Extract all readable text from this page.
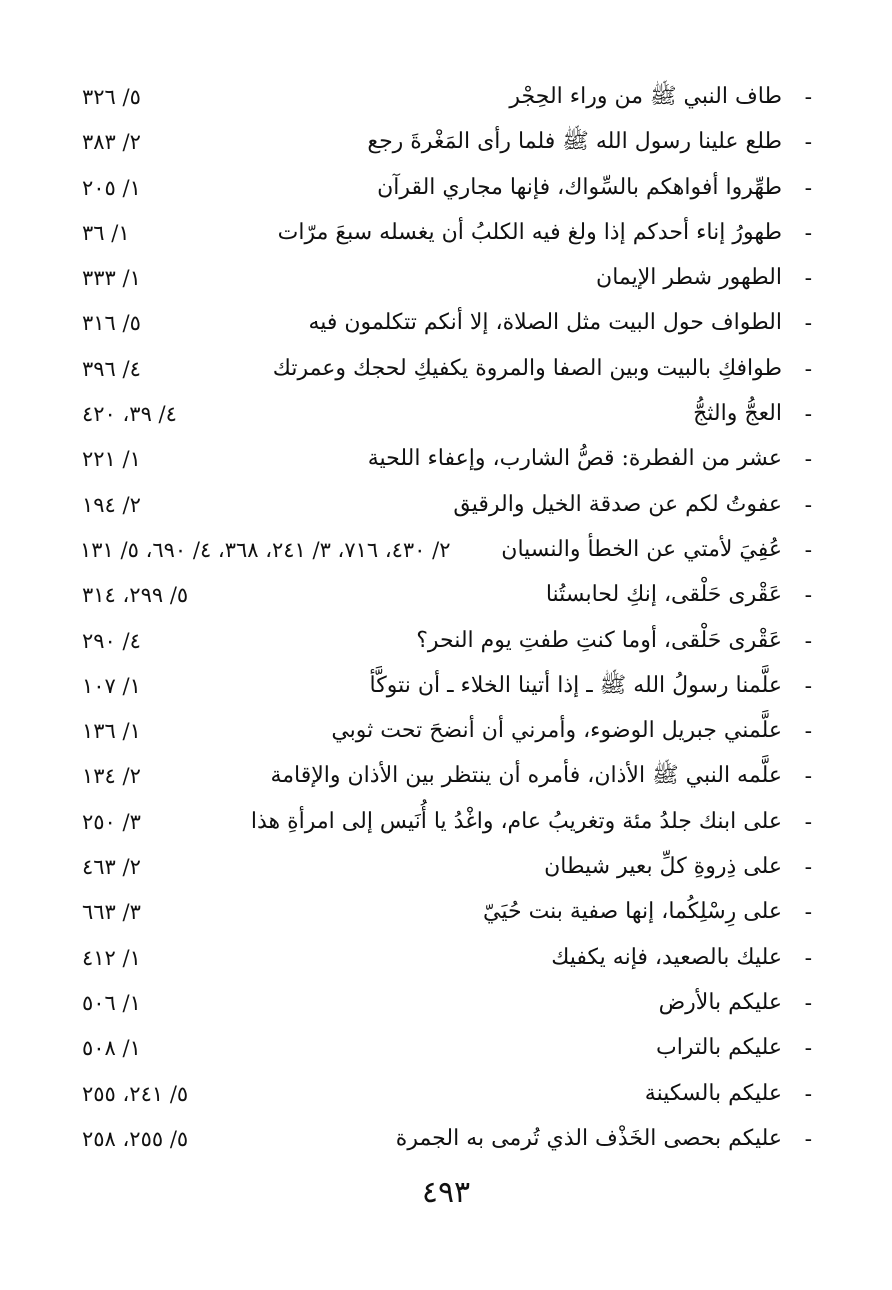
-
طاف النبي ﷺ من وراء الحِجْر
٥/ ٣٢٦
-
طلع علينا رسول الله ﷺ فلما رأى المَغْرةَ رجع
٢/ ٣٨٣
-
طهِّروا أفواهكم بالسِّواك، فإنها مجاري القرآن
١/ ٢٠٥
-
طهورُ إناء أحدكم إذا ولغ فيه الكلبُ أن يغسله سبعَ مرّات
١/ ٣٦
-
الطهور شطر الإيمان
١/ ٣٣٣
-
الطواف حول البيت مثل الصلاة، إلا أنكم تتكلمون فيه
٥/ ٣١٦
-
طوافكِ بالبيت وبين الصفا والمروة يكفيكِ لحجك وعمرتك
٤/ ٣٩٦
-
العجُّ والثجُّ
٤/ ٣٩، ٤٢٠
-
عشر من الفطرة: قصُّ الشارب، وإعفاء اللحية
١/ ٢٢١
-
عفوتُ لكم عن صدقة الخيل والرقيق
٢/ ١٩٤
-
عُفِيَ لأمتي عن الخطأ والنسيان
٢/ ٤٣٠، ٧١٦، ٣/ ٢٤١، ٣٦٨، ٤/ ٦٩٠، ٥/ ١٣١
-
عَقْرى حَلْقى، إنكِ لحابستُنا
٥/ ٢٩٩، ٣١٤
-
عَقْرى حَلْقى، أوما كنتِ طفتِ يوم النحر؟
٤/ ٢٩٠
-
علَّمنا رسولُ الله ﷺ ـ إذا أتينا الخلاء ـ أن نتوكَّأ
١/ ١٠٧
-
علَّمني جبريل الوضوء، وأمرني أن أنضحَ تحت ثوبي
١/ ١٣٦
-
علَّمه النبي ﷺ الأذان، فأمره أن ينتظر بين الأذان والإقامة
٢/ ١٣٤
-
على ابنك جلدُ مئة وتغريبُ عام، واغْدُ يا أُنَيس إلى امرأةِ هذا
٣/ ٢٥٠
-
على ذِروةِ كلِّ بعير شيطان
٢/ ٤٦٣
-
على رِسْلِكُما، إنها صفية بنت حُيَيّ
٣/ ٦٦٣
-
عليك بالصعيد، فإنه يكفيك
١/ ٤١٢
-
عليكم بالأرض
١/ ٥٠٦
-
عليكم بالتراب
١/ ٥٠٨
-
عليكم بالسكينة
٥/ ٢٤١، ٢٥٥
-
عليكم بحصى الخَذْف الذي تُرمى به الجمرة
٥/ ٢٥٥، ٢٥٨
٤٩٣
